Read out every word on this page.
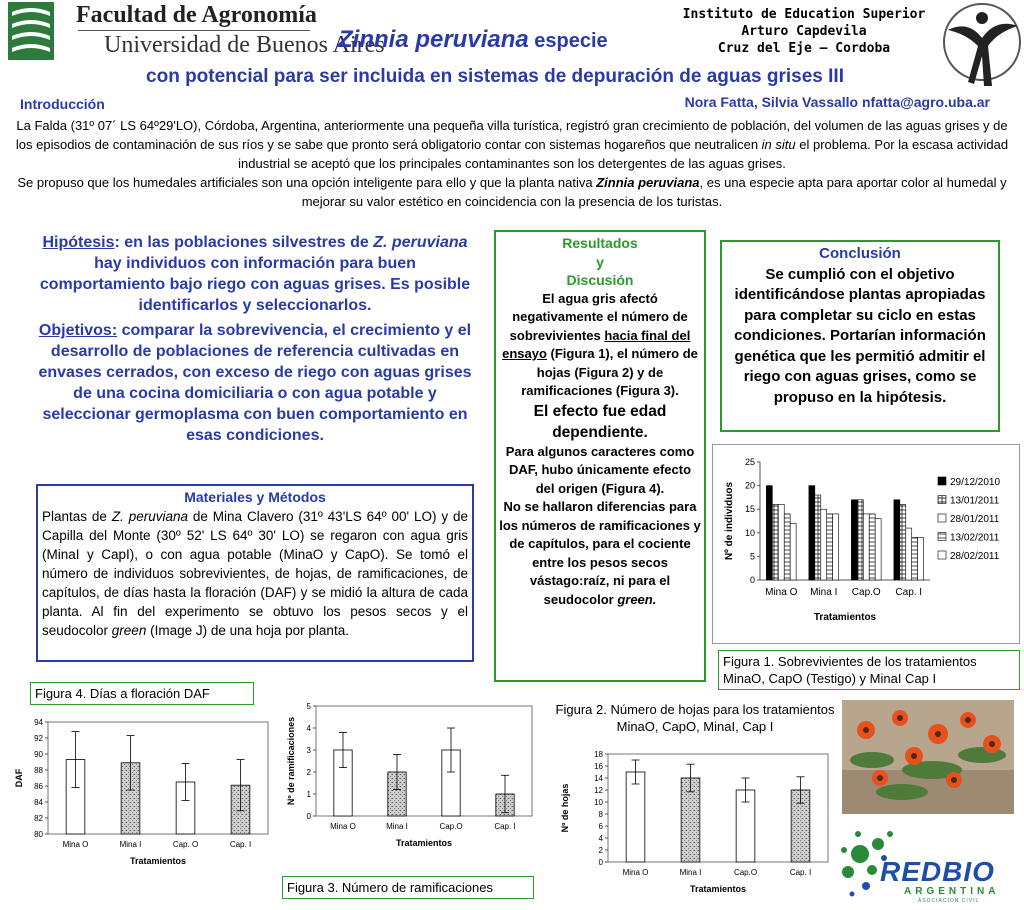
Facultad de Agronomía
Universidad de Buenos Aires
Zinnia peruviana especie
Instituto de Education Superior
Arturo Capdevila
Cruz del Eje – Cordoba
con potencial para ser incluida en sistemas de depuración de aguas grises III
Introducción	Nora Fatta, Silvia Vassallo nfatta@agro.uba.ar
La Falda (31º 07´ LS 64º29'LO), Córdoba, Argentina, anteriormente una pequeña villa turística, registró gran crecimiento de población, del volumen de las aguas grises y de los episodios de contaminación de sus ríos y se sabe que pronto será obligatorio contar con sistemas hogareños que neutralicen in situ el problema. Por la escasa actividad industrial se aceptó que los principales contaminantes son los detergentes de las aguas grises.
Se propuso que los humedales artificiales son una opción inteligente para ello y que la planta nativa Zinnia peruviana, es una especie apta para aportar color al humedal y mejorar su valor estético en coincidencia con la presencia de los turistas.
Hipótesis: en las poblaciones silvestres de Z. peruviana hay individuos con información para buen comportamiento bajo riego con aguas grises. Es posible identificarlos y seleccionarlos.
Objetivos: comparar la sobrevivencia, el crecimiento y el desarrollo de poblaciones de referencia cultivadas en envases cerrados, con exceso de riego con aguas grises de una cocina domiciliaria o con agua potable y seleccionar germoplasma con buen comportamiento en esas condiciones.
Materiales y Métodos
Plantas de Z. peruviana de Mina Clavero (31º 43'LS 64º 00' LO) y de Capilla del Monte (30º 52' LS 64º 30' LO) se regaron con agua gris (MinaI y CapI), o con agua potable (MinaO y CapO). Se tomó el número de individuos sobrevivientes, de hojas, de ramificaciones, de capítulos, de días hasta la floración (DAF) y se midió la altura de cada planta. Al fin del experimento se obtuvo los pesos secos y el seudocolor green (Image J) de una hoja por planta.
Resultados
y
Discusión
El agua gris afectó negativamente el número de sobrevivientes hacia final del ensayo (Figura 1), el número de hojas (Figura 2) y de ramificaciones (Figura 3).
El efecto fue edad dependiente.
Para algunos caracteres como DAF, hubo únicamente efecto del origen (Figura 4).
No se hallaron diferencias para los números de ramificaciones y de capítulos, para el cociente entre los pesos secos vástago:raíz, ni para el seudocolor green.
Conclusión
Se cumplió con el objetivo identificándose plantas apropiadas para completar su ciclo en estas condiciones. Portarían información genética que les permitió admitir el riego con aguas grises, como se propuso en la hipótesis.
0
5
10
15
20
25
Mina O Mina I Cap.O Cap. I
Tratamientos
Nº de individuos	29/12/2010
13/01/2011
28/01/2011
13/02/2011
28/02/2011
Figura 1. Sobrevivientes de los tratamientos MinaO, CapO (Testigo) y MinaI Cap I
Figura 4. Días a floración DAF
80
82
84
86
88
90
92
94
Mina O	Mina I	Cap. O	Cap. I
Tratamientos
DAF
0
1
2
3
4
5
Mina O	Mina I	Cap.O	Cap. I
Tratamientos
Nº de ramificaciones
Figura 3. Número de ramificaciones
Figura 2. Número de hojas para los tratamientos MinaO, CapO, MinaI, Cap I
0
2
4
6
8
10
12
14
16
18
Mina O	Mina I	Cap.O	Cap. I
Tratamientos
Nº de hojas
REDBIO
ARGENTINA
ASOCIACION CIVIL
